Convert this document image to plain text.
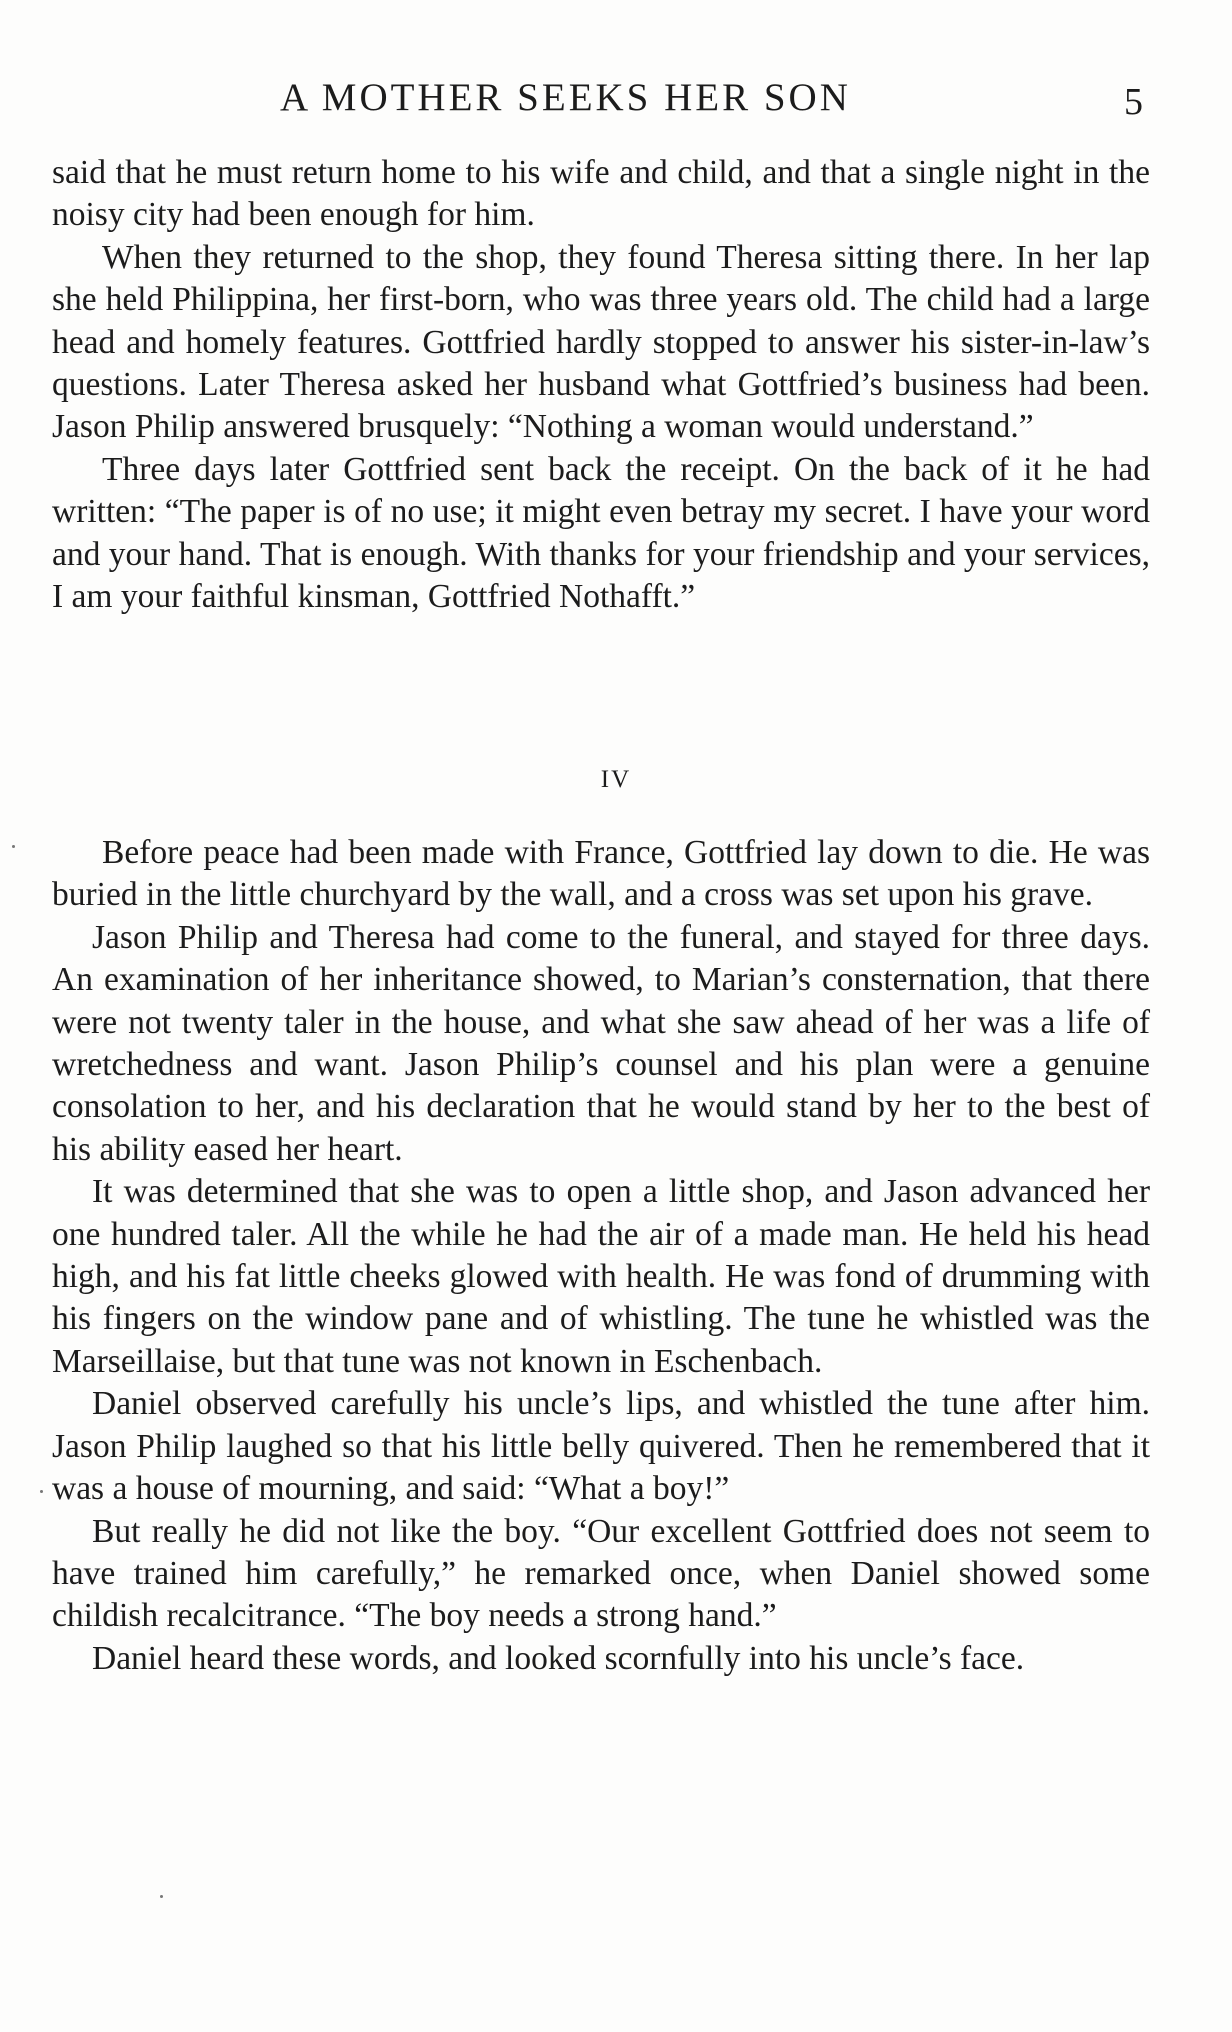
A MOTHER SEEKS HER SON	5

said that he must return home to his wife and child, and that a single night in the noisy city had been enough for him.

When they returned to the shop, they found Theresa sitting there. In her lap she held Philippina, her first-born, who was three years old. The child had a large head and homely features. Gottfried hardly stopped to answer his sister-in-law’s questions. Later Theresa asked her husband what Gottfried’s business had been. Jason Philip answered brusquely: “Nothing a woman would understand.”

Three days later Gottfried sent back the receipt. On the back of it he had written: “The paper is of no use; it might even betray my secret. I have your word and your hand. That is enough. With thanks for your friendship and your services, I am your faithful kinsman, Gottfried Nothafft.”

IV

Before peace had been made with France, Gottfried lay down to die. He was buried in the little churchyard by the wall, and a cross was set upon his grave.

Jason Philip and Theresa had come to the funeral, and stayed for three days. An examination of her inheritance showed, to Marian’s consternation, that there were not twenty taler in the house, and what she saw ahead of her was a life of wretchedness and want. Jason Philip’s counsel and his plan were a genuine consolation to her, and his declaration that he would stand by her to the best of his ability eased her heart.

It was determined that she was to open a little shop, and Jason advanced her one hundred taler. All the while he had the air of a made man. He held his head high, and his fat little cheeks glowed with health. He was fond of drumming with his fingers on the window pane and of whistling. The tune he whistled was the Marseillaise, but that tune was not known in Eschenbach.

Daniel observed carefully his uncle’s lips, and whistled the tune after him. Jason Philip laughed so that his little belly quivered. Then he remembered that it was a house of mourning, and said: “What a boy!”

But really he did not like the boy. “Our excellent Gottfried does not seem to have trained him carefully,” he remarked once, when Daniel showed some childish recalcitrance. “The boy needs a strong hand.”

Daniel heard these words, and looked scornfully into his uncle’s face.
